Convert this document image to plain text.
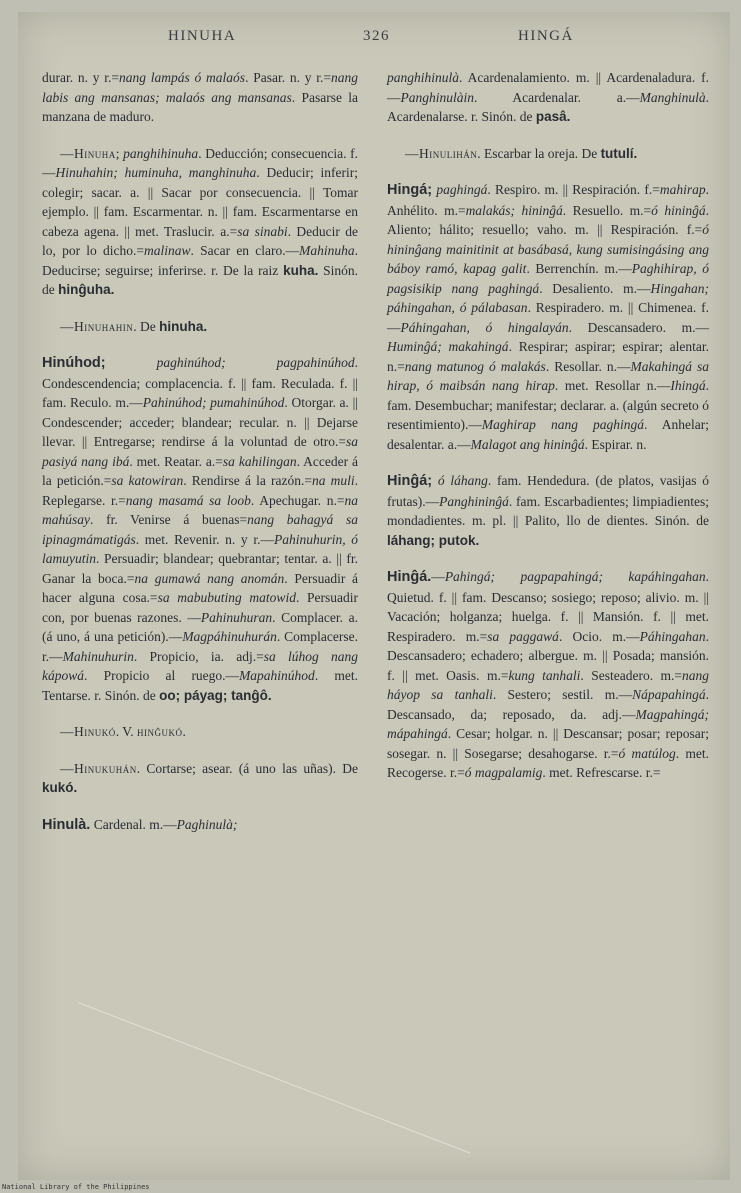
HINUHA	326	HINGÁ

durar. n. y r.=nang lampás ó malaós. Pasar. n. y r.=nang labis ang mansanas; malaós ang mansanas. Pasarse la manzana de maduro.

—Hinuha; panghihinuha. Deducción; consecuencia. f.—Hinuhahin; huminuha, manghinuha. Deducir; inferir; colegir; sacar. a. || Sacar por consecuencia. || Tomar ejemplo. || fam. Escarmentar. n. || fam. Escarmentarse en cabeza agena. || met. Traslucir. a.=sa sinabi. Deducir de lo, por lo dicho.=malinaw. Sacar en claro.—Mahinuha. Deducirse; seguirse; inferirse. r. De la raiz kuha. Sinón. de hinĝuha.

—Hinuhahin. De hinuha.

Hinúhod;	paghinúhod; pagpahinúhod. Condescendencia; complacencia. f. || fam. Reculada. f. || fam. Reculo. m.—Pahinúhod; pumahinúhod. Otorgar. a. || Condescender; acceder; blandear; recular. n. || Dejarse llevar. || Entregarse; rendirse á la voluntad de otro.=sa pasiyá nang ibá. met. Reatar. a.=sa kahilingan. Acceder á la petición.=sa katowiran. Rendirse á la razón.=na muli. Replegarse. r.=nang masamá sa loob. Apechugar. n.=na mahúsay. fr. Venirse á buenas=nang bahagyá sa ipinagmámatigás. met. Revenir. n. y r.—Pahinuhurin, ó lamuyutin. Persuadir; blandear; quebrantar; tentar. a. || fr. Ganar la boca.=na gumawá nang anomán. Persuadir á hacer alguna cosa.=sa mabubuting matowid. Persuadir con, por buenas razones. —Pahinuhuran. Complacer. a. (á uno, á una petición).—Magpáhinuhurán. Complacerse. r.—Mahinuhurin. Propicio, ia. adj.=sa lúhog nang kápowá. Propicio al ruego.—Mapahinúhod. met. Tentarse. r. Sinón. de oo; páyag; tanĝô.

—Hinukó. V. hinĝukó.

—Hinukuhán. Cortarse; asear. (á uno las uñas). De kukó.

Hinulà. Cardenal. m.—Paghinulà;

panghihinulà. Acardenalamiento. m. || Acardenaladura. f.—Panghinulàin. Acardenalar. a.—Manghinulà. Acardenalarse. r. Sinón. de pasâ.

—Hinulihán. Escarbar la oreja. De tutulí.

Hingá; paghingá. Respiro. m. || Respiración. f.=mahirap. Anhélito. m.=malakás; hininĝá. Resuello. m.=ó hininĝá. Aliento; hálito; resuello; vaho. m. || Respiración. f.=ó hininĝang mainitinit at basábasá, kung sumisingásing ang báboy ramó, kapag galit. Berrenchín. m.—Paghihirap, ó pagsisikip nang paghingá. Desaliento. m.—Hingahan; páhingahan, ó pálabasan. Respiradero. m. || Chimenea. f.—Páhingahan, ó hingalayán. Descansadero. m.—Huminĝá; makahingá. Respirar; aspirar; espirar; alentar. n.=nang matunog ó malakás. Resollar. n.—Makahingá sa hirap, ó maibsán nang hirap. met. Resollar n.—Ihingá. fam. Desembuchar; manifestar; declarar. a. (algún secreto ó resentimiento).—Maghirap nang paghingá. Anhelar; desalentar. a.—Malagot ang hininĝá. Espirar. n.

Hinĝá; ó láhang. fam. Hendedura. (de platos, vasijas ó frutas).—Panghininĝá. fam. Escarbadientes; limpiadientes; mondadientes. m. pl. || Palito, llo de dientes. Sinón. de láhang; putok.

Hinĝá.—Pahingá; pagpapahingá; kapáhingahan. Quietud. f. || fam. Descanso; sosiego; reposo; alivio. m. || Vacación; holganza; huelga. f. || Mansión. f. || met. Respiradero. m.=sa paggawá. Ocio. m.—Páhingahan. Descansadero; echadero; albergue. m. || Posada; mansión. f. || met. Oasis. m.=kung tanhali. Sesteadero. m.=nang háyop sa tanhali. Sestero; sestil. m.—Nápapahingá. Descansado, da; reposado, da. adj.—Magpahingá; mápahingá. Cesar; holgar. n. || Descansar; posar; reposar; sosegar. n. || Sosegarse; desahogarse. r.=ó matúlog. met. Recogerse. r.=ó magpalamig. met. Refrescarse. r.=

National Library of the Philippines
